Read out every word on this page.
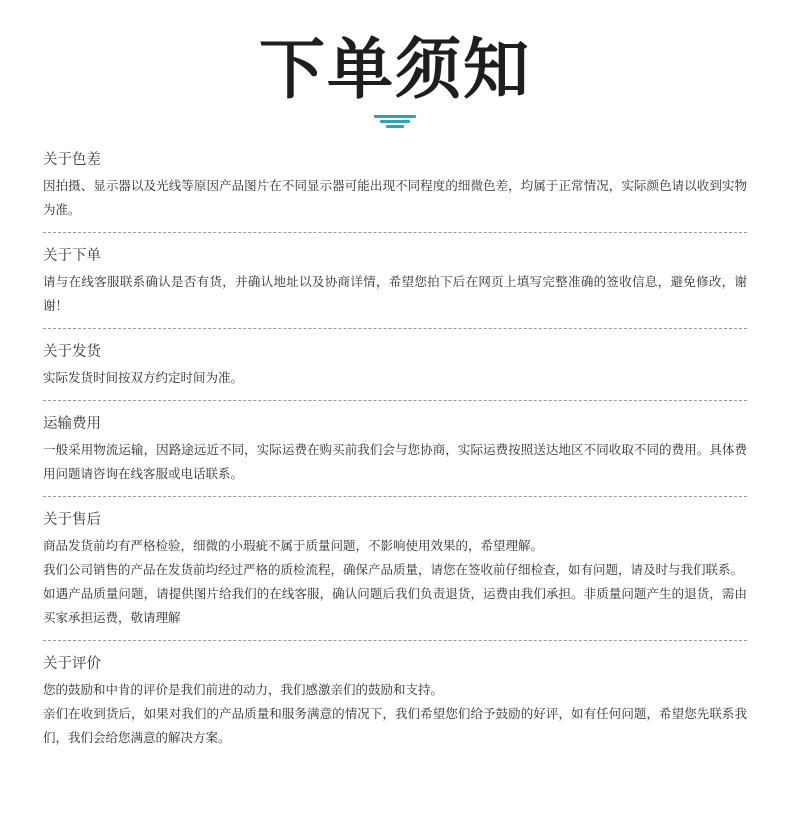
下单须知
关于色差

因拍摄、显示器以及光线等原因产品图片在不同显示器可能出现不同程度的细微色差，均属于正常情况，实际颜色请以收到实物为准。

关于下单

请与在线客服联系确认是否有货，并确认地址以及协商详情，希望您拍下后在网页上填写完整准确的签收信息，避免修改，谢谢！

关于发货

实际发货时间按双方约定时间为准。

运输费用

一般采用物流运输，因路途远近不同，实际运费在购买前我们会与您协商，实际运费按照送达地区不同收取不同的费用。具体费用问题请咨询在线客服或电话联系。

关于售后

商品发货前均有严格检验，细微的小瑕疵不属于质量问题，不影响使用效果的，希望理解。

我们公司销售的产品在发货前均经过严格的质检流程，确保产品质量，请您在签收前仔细检查，如有问题，请及时与我们联系。

如遇产品质量问题，请提供图片给我们的在线客服，确认问题后我们负责退货，运费由我们承担。非质量问题产生的退货，需由买家承担运费，敬请理解

关于评价

您的鼓励和中肯的评价是我们前进的动力，我们感激亲们的鼓励和支持。

亲们在收到货后，如果对我们的产品质量和服务满意的情况下，我们希望您们给予鼓励的好评，如有任何问题，希望您先联系我们，我们会给您满意的解决方案。
